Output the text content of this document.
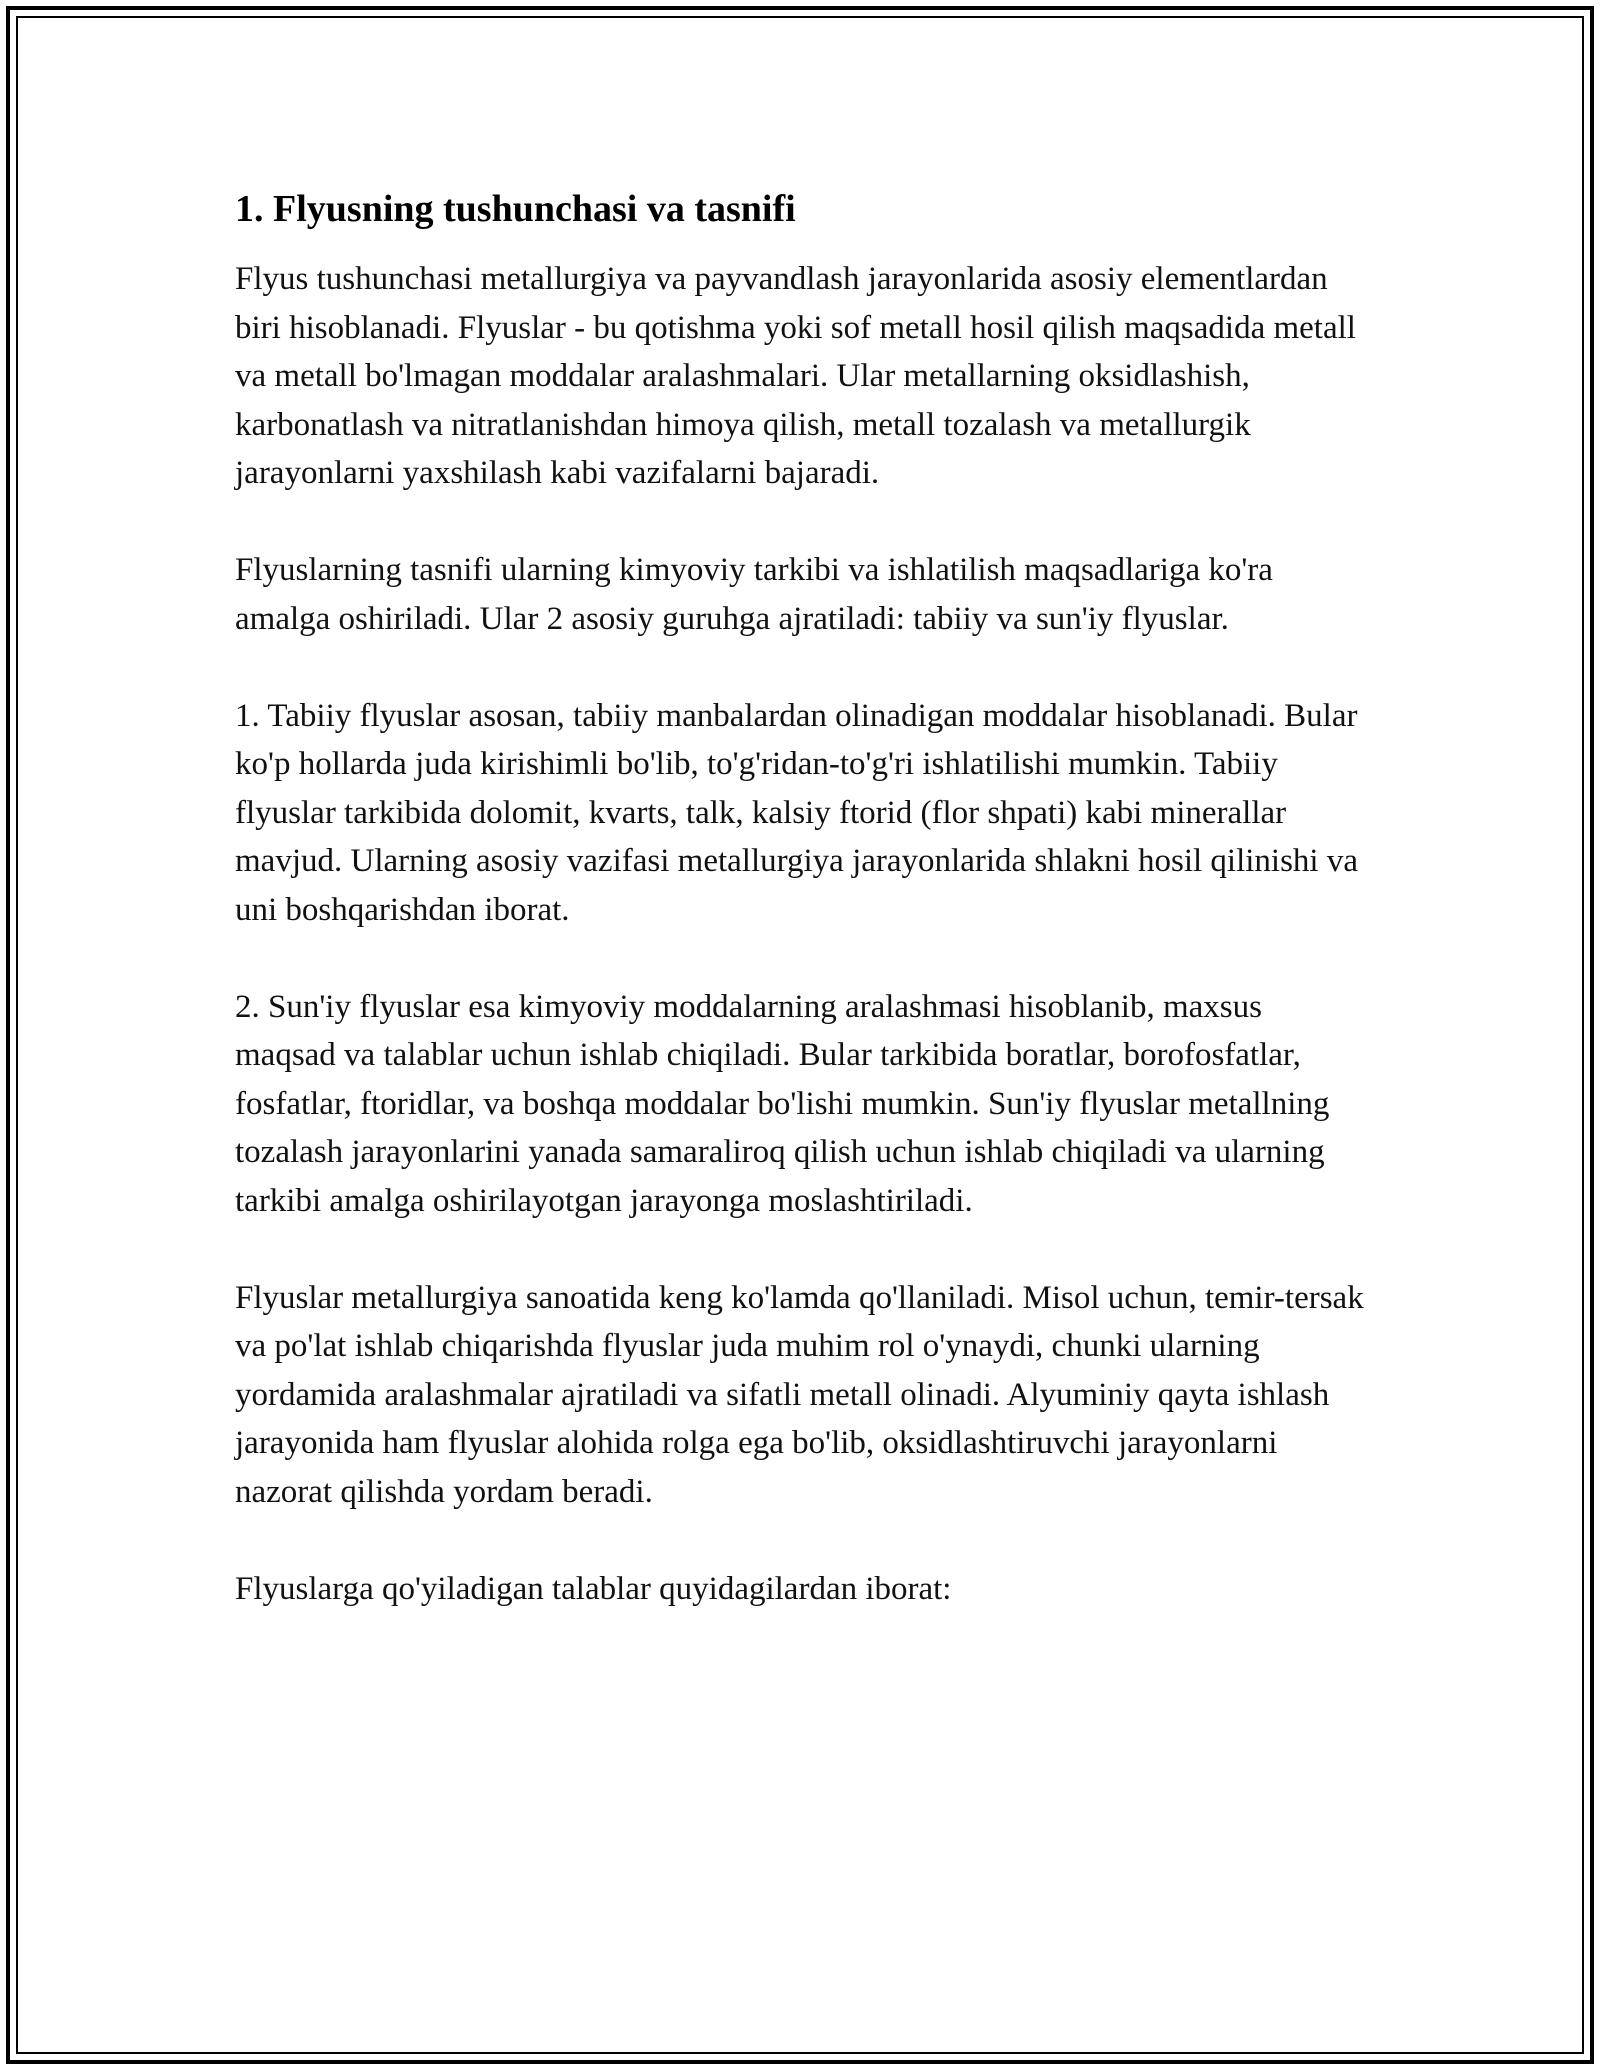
1. Flyusning tushunchasi va tasnifi

Flyus tushunchasi metallurgiya va payvandlash jarayonlarida asosiy elementlardan biri hisoblanadi. Flyuslar - bu qotishma yoki sof metall hosil qilish maqsadida metall va metall bo'lmagan moddalar aralashmalari. Ular metallarning oksidlashish, karbonatlash va nitratlanishdan himoya qilish, metall tozalash va metallurgik jarayonlarni yaxshilash kabi vazifalarni bajaradi.

Flyuslarning tasnifi ularning kimyoviy tarkibi va ishlatilish maqsadlariga ko'ra amalga oshiriladi. Ular 2 asosiy guruhga ajratiladi: tabiiy va sun'iy flyuslar.

1. Tabiiy flyuslar asosan, tabiiy manbalardan olinadigan moddalar hisoblanadi. Bular ko'p hollarda juda kirishimli bo'lib, to'g'ridan-to'g'ri ishlatilishi mumkin. Tabiiy flyuslar tarkibida dolomit, kvarts, talk, kalsiy ftorid (flor shpati) kabi minerallar mavjud. Ularning asosiy vazifasi metallurgiya jarayonlarida shlakni hosil qilinishi va uni boshqarishdan iborat.

2. Sun'iy flyuslar esa kimyoviy moddalarning aralashmasi hisoblanib, maxsus maqsad va talablar uchun ishlab chiqiladi. Bular tarkibida boratlar, borofosfatlar, fosfatlar, ftoridlar, va boshqa moddalar bo'lishi mumkin. Sun'iy flyuslar metallning tozalash jarayonlarini yanada samaraliroq qilish uchun ishlab chiqiladi va ularning tarkibi amalga oshirilayotgan jarayonga moslashtiriladi.

Flyuslar metallurgiya sanoatida keng ko'lamda qo'llaniladi. Misol uchun, temir-tersak va po'lat ishlab chiqarishda flyuslar juda muhim rol o'ynaydi, chunki ularning yordamida aralashmalar ajratiladi va sifatli metall olinadi. Alyuminiy qayta ishlash jarayonida ham flyuslar alohida rolga ega bo'lib, oksidlashtiruvchi jarayonlarni nazorat qilishda yordam beradi.

Flyuslarga qo'yiladigan talablar quyidagilardan iborat:
